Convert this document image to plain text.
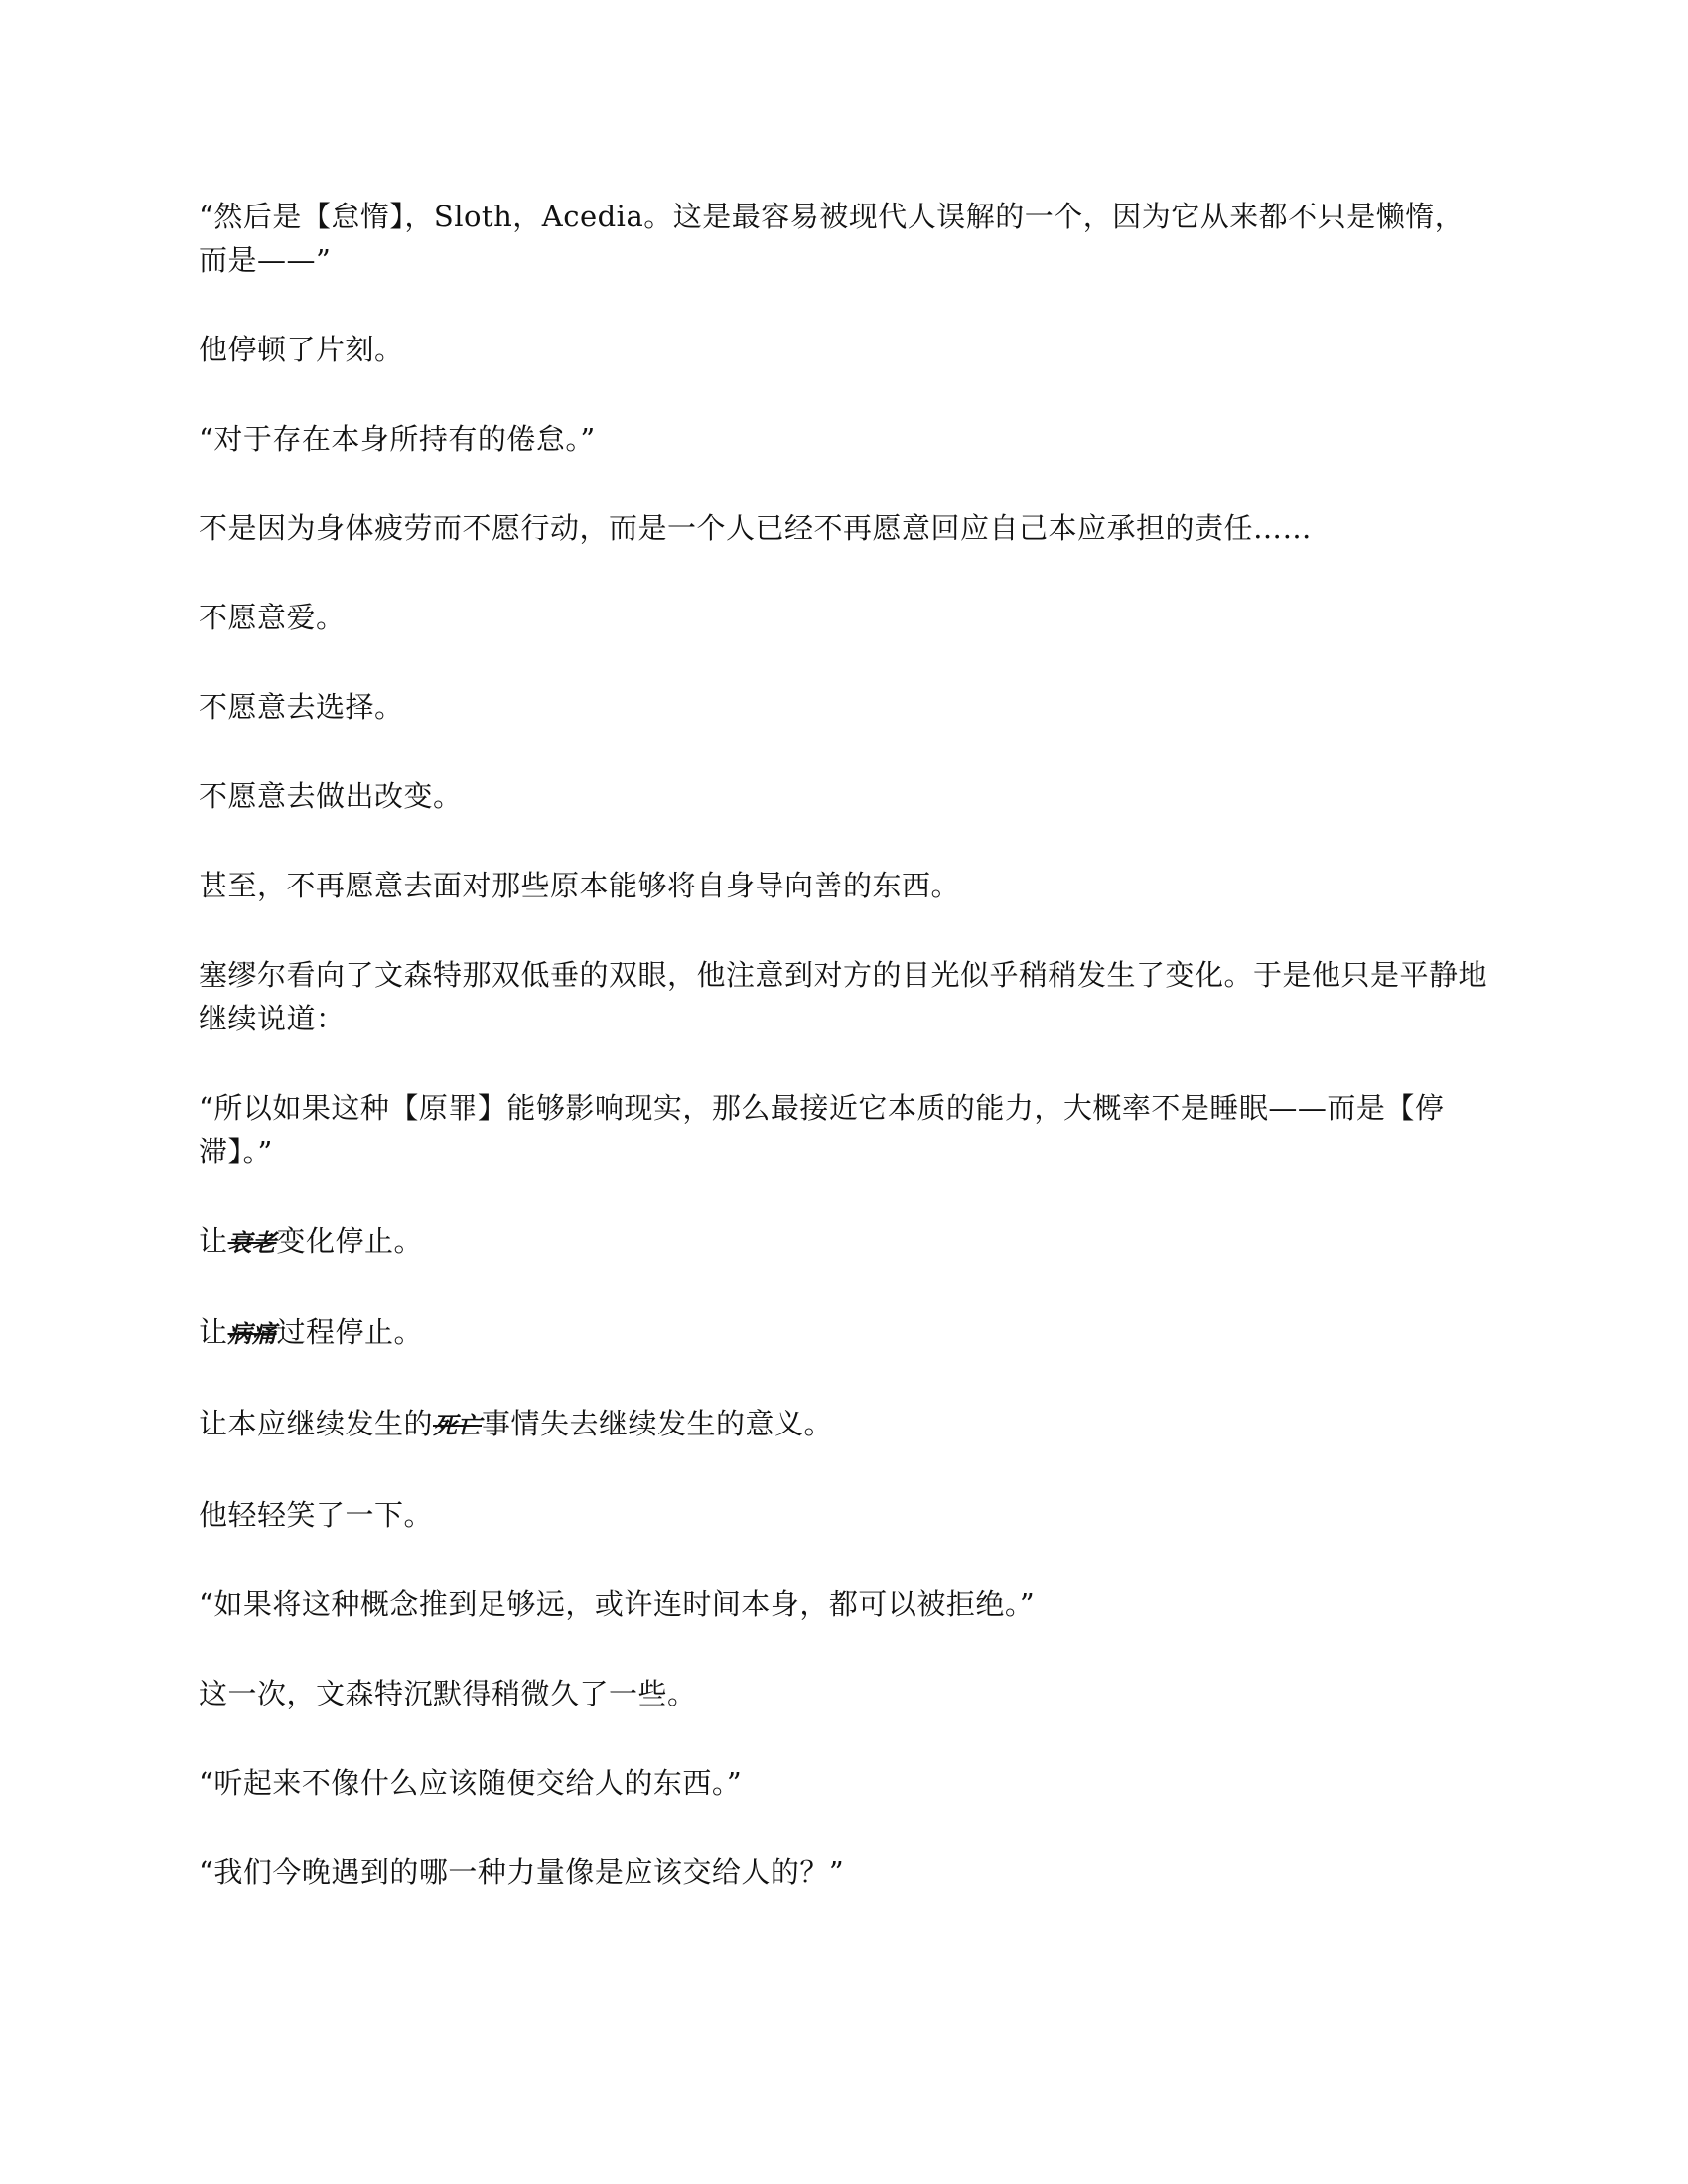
“然后是【怠惰】，Sloth，Acedia。这是最容易被现代人误解的一个，因为它从来都不只是懒惰，而是——”

他停顿了片刻。

“对于存在本身所持有的倦怠。”

不是因为身体疲劳而不愿行动，而是一个人已经不再愿意回应自己本应承担的责任……

不愿意爱。

不愿意去选择。

不愿意去做出改变。

甚至，不再愿意去面对那些原本能够将自身导向善的东西。

塞缪尔看向了文森特那双低垂的双眼，他注意到对方的目光似乎稍稍发生了变化。于是他只是平静地继续说道：

“所以如果这种【原罪】能够影响现实，那么最接近它本质的能力，大概率不是睡眠——而是【停滞】。”

让衰老变化停止。

让病痛过程停止。

让本应继续发生的死亡事情失去继续发生的意义。

他轻轻笑了一下。

“如果将这种概念推到足够远，或许连时间本身，都可以被拒绝。”

这一次，文森特沉默得稍微久了一些。

“听起来不像什么应该随便交给人的东西。”

“我们今晚遇到的哪一种力量像是应该交给人的？”
